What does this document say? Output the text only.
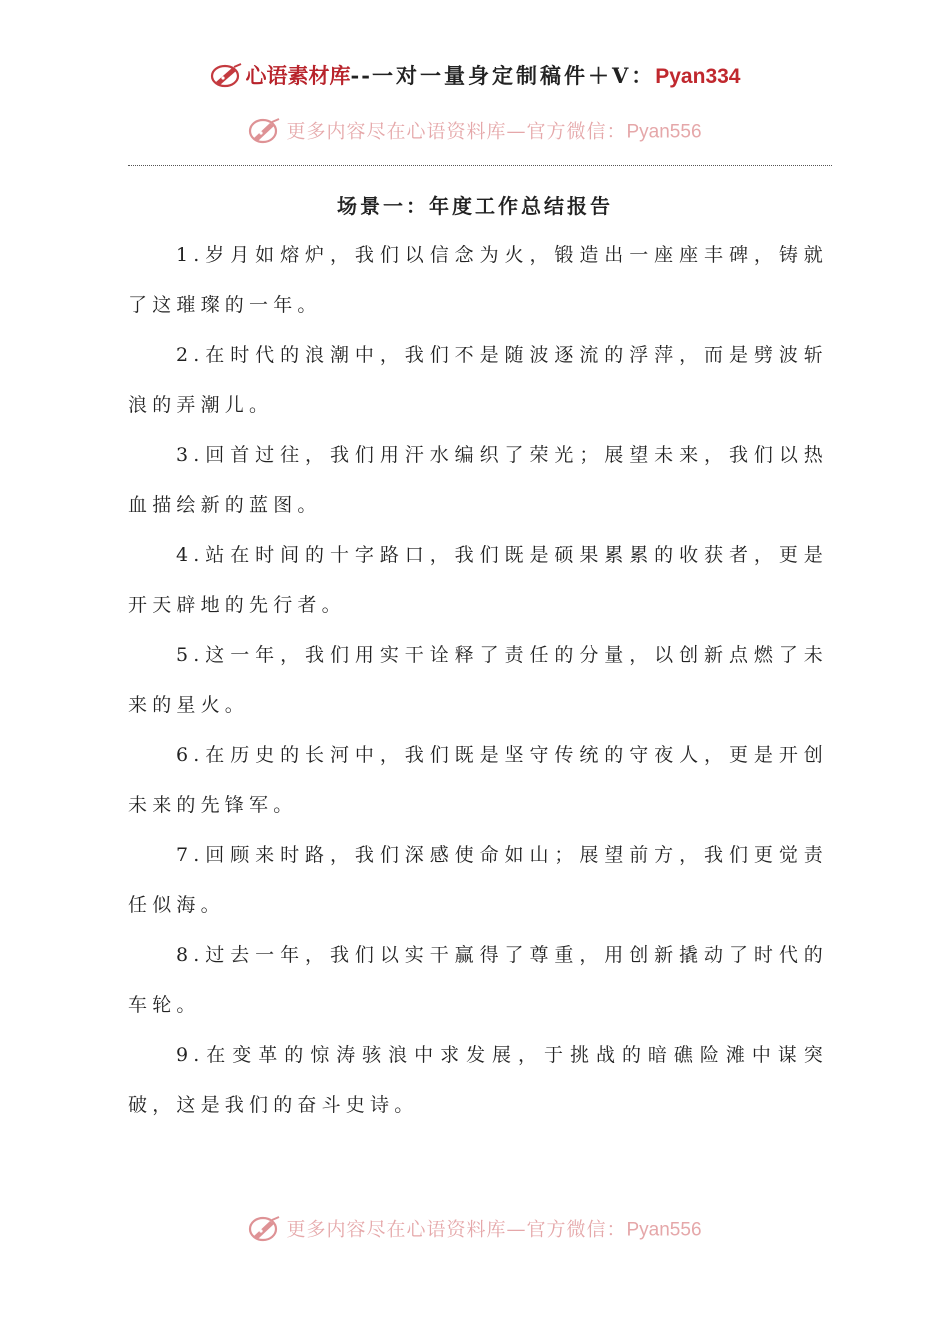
心语素材库--一对一量身定制稿件＋V：Pyan334
更多内容尽在心语资料库—官方微信：Pyan556
场景一：年度工作总结报告

1.岁月如熔炉，我们以信念为火，锻造出一座座丰碑，铸就了这璀璨的一年。

2.在时代的浪潮中，我们不是随波逐流的浮萍，而是劈波斩浪的弄潮儿。

3.回首过往，我们用汗水编织了荣光；展望未来，我们以热血描绘新的蓝图。

4.站在时间的十字路口，我们既是硕果累累的收获者，更是开天辟地的先行者。

5.这一年，我们用实干诠释了责任的分量，以创新点燃了未来的星火。

6.在历史的长河中，我们既是坚守传统的守夜人，更是开创未来的先锋军。

7.回顾来时路，我们深感使命如山；展望前方，我们更觉责任似海。

8.过去一年，我们以实干赢得了尊重，用创新撬动了时代的车轮。

9.在变革的惊涛骇浪中求发展，于挑战的暗礁险滩中谋突破，这是我们的奋斗史诗。

更多内容尽在心语资料库—官方微信：Pyan556
